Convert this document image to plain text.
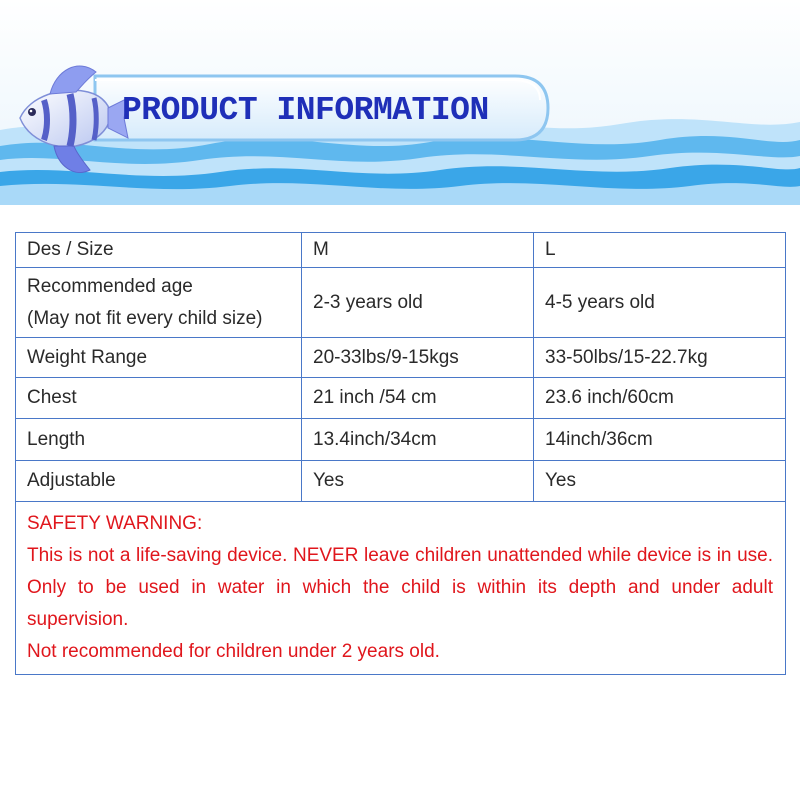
PRODUCT INFORMATION
Des / Size	M	L

Recommended age
(May not fit every child size)	2-3 years old	4-5 years old
Weight Range	20-33lbs/9-15kgs	33-50lbs/15-22.7kg
Chest	21 inch /54 cm	23.6 inch/60cm
Length	13.4inch/34cm	14inch/36cm
Adjustable	Yes	Yes

SAFETY WARNING:
This is not a life-saving device. NEVER leave children unattended while device is in use. Only to be used in water in which the child is within its depth and under adult supervision.
Not recommended for children under 2 years old.		
